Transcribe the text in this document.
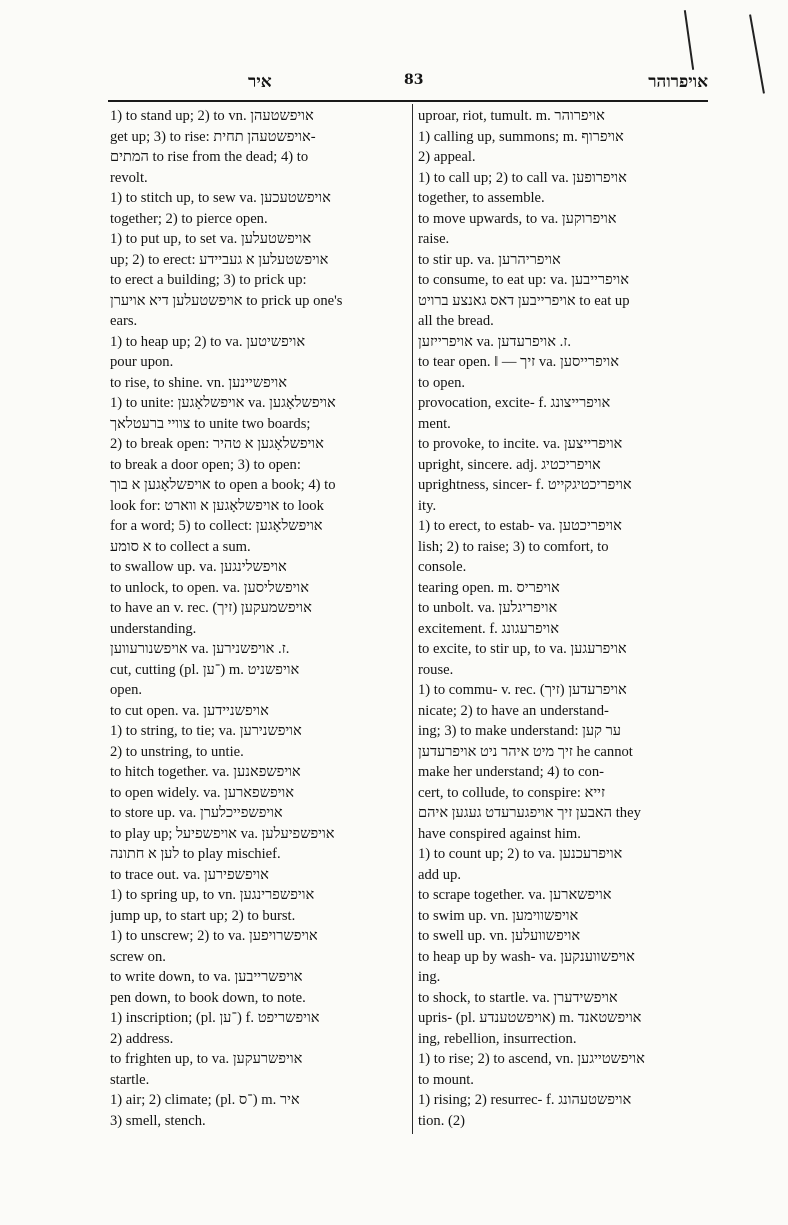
איר	83	אויפרוהר
1) to stand up; 2) to vn. אויפשטעהן
get up; 3) to rise: אויפשטעהן תחית-
המתים to rise from the dead; 4) to
revolt.
1) to stitch up, to sew va. אויפשטעכען
together; 2) to pierce open.
1) to put up, to set va. אויפשטעלען
up; 2) to erect: אויפשטעלען א געביידע
to erect a building; 3) to prick up:
אויפשטעלען דיא אויערן to prick up one's
ears.
1) to heap up; 2) to va. אויפשיטען
pour upon.
to rise, to shine. vn. אויפשיינען
1) to unite: אויפשלאָגען va. אויפשלאָגען
צוויי ברעטלאך to unite two boards;
2) to break open: אויפשלאָגען א טהיר
to break a door open; 3) to open:
אויפשלאָגען א בוך to open a book; 4) to
look for: אויפשלאָגען א ווארט to look
for a word; 5) to collect: אויפשלאָגען
א סומע to collect a sum.
to swallow up. va. אויפשלינגען
to unlock, to open. va. אויפשליסען
to have an v. rec. (זיך) אויפשמעקען
understanding.
אויפשנורעווען va. ז. אויפשנירען.
cut, cutting (pl. ־ען) m. אויפשניט
open.
to cut open. va. אויפשניידען
1) to string, to tie; va. אויפשנירען
2) to unstring, to untie.
to hitch together. va. אויפשפאנען
to open widely. va. אויפשפארען
to store up. va. אויפשפייכלערן
to play up; אויפשפיעל va. אויפשפיעלען
לען א חתונה to play mischief.
to trace out. va. אויפשפירען
1) to spring up, to vn. אויפשפרינגען
jump up, to start up; 2) to burst.
1) to unscrew; 2) to va. אויפשרויפען
screw on.
to write down, to va. אויפשרייבען
pen down, to book down, to note.
1) inscription; (pl. ־ען) f. אויפשריפט
2) address.
to frighten up, to va. אויפשרעקען
startle.
1) air; 2) climate; (pl. ־ס) m. איר
3) smell, stench.
uproar, riot, tumult. m. אויפרוהר
1) calling up, summons; m. אויפרוף
2) appeal.
1) to call up; 2) to call va. אויפרופען
together, to assemble.
to move upwards, to va. אויפרוקען
raise.
to stir up. va. אויפריהרען
to consume, to eat up: va. אויפרייבען
אויפרייבען דאס גאנצע ברויט to eat up
all the bread.
אויפרייזען va. ז. אויפרעדען.
to tear open. ‖ — זיך va. אויפרייסען
to open.
provocation, excite- f. אויפרייצונג
ment.
to provoke, to incite. va. אויפרייצען
upright, sincere. adj. אויפריכטיג
uprightness, sincer- f. אויפריכטיגקייט
ity.
1) to erect, to estab- va. אויפריכטען
lish; 2) to raise; 3) to comfort, to
console.
tearing open. m. אויפריס
to unbolt. va. אויפריגלען
excitement. f. אויפרעגונג
to excite, to stir up, to va. אויפרעגען
rouse.
1) to commu- v. rec. (זיך) אויפרעדען
nicate; 2) to have an understand-
ing; 3) to make understand: ער קען
זיך מיט איהר ניט אויפרעדען he cannot
make her understand; 4) to con-
cert, to collude, to conspire: זייא
האבען זיך אויפגערעדט געגען איהם they
have conspired against him.
1) to count up; 2) to va. אויפרעכנען
add up.
to scrape together. va. אויפשארען
to swim up. vn. אויפשווימען
to swell up. vn. אויפשוועלען
to heap up by wash- va. אויפשווענקען
ing.
to shock, to startle. va. אויפשידערן
upris- (pl. אויפשטענדע) m. אויפשטאנד
ing, rebellion, insurrection.
1) to rise; 2) to ascend, vn. אויפשטייגען
to mount.
1) rising; 2) resurrec- f. אויפשטעהונג
tion. (2)
